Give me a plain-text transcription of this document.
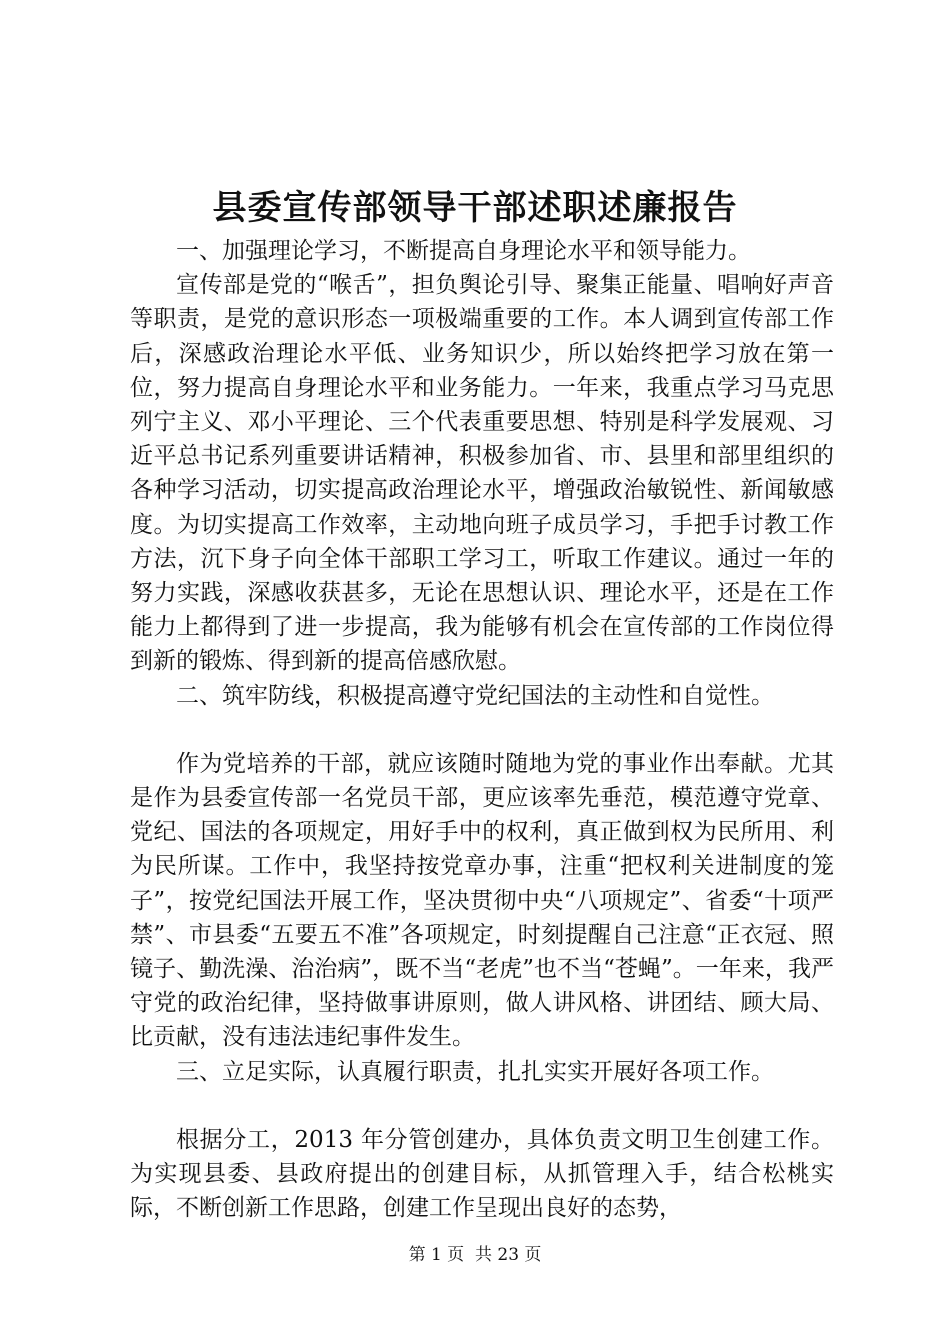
县委宣传部领导干部述职述廉报告

一、加强理论学习，不断提高自身理论水平和领导能力。

宣传部是党的“喉舌”，担负舆论引导、聚集正能量、唱响好声音等职责，是党的意识形态一项极端重要的工作。本人调到宣传部工作后，深感政治理论水平低、业务知识少，所以始终把学习放在第一位，努力提高自身理论水平和业务能力。一年来，我重点学习马克思列宁主义、邓小平理论、三个代表重要思想、特别是科学发展观、习近平总书记系列重要讲话精神，积极参加省、市、县里和部里组织的各种学习活动，切实提高政治理论水平，增强政治敏锐性、新闻敏感度。为切实提高工作效率，主动地向班子成员学习，手把手讨教工作方法，沉下身子向全体干部职工学习工，听取工作建议。通过一年的努力实践，深感收获甚多，无论在思想认识、理论水平，还是在工作能力上都得到了进一步提高，我为能够有机会在宣传部的工作岗位得到新的锻炼、得到新的提高倍感欣慰。

二、筑牢防线，积极提高遵守党纪国法的主动性和自觉性。

作为党培养的干部，就应该随时随地为党的事业作出奉献。尤其是作为县委宣传部一名党员干部，更应该率先垂范，模范遵守党章、党纪、国法的各项规定，用好手中的权利，真正做到权为民所用、利为民所谋。工作中，我坚持按党章办事，注重“把权利关进制度的笼子”，按党纪国法开展工作，坚决贯彻中央“八项规定”、省委“十项严禁”、市县委“五要五不准”各项规定，时刻提醒自己注意“正衣冠、照镜子、勤洗澡、治治病”，既不当“老虎”也不当“苍蝇”。一年来，我严守党的政治纪律，坚持做事讲原则，做人讲风格、讲团结、顾大局、比贡献，没有违法违纪事件发生。

三、立足实际，认真履行职责，扎扎实实开展好各项工作。

根据分工，2013 年分管创建办，具体负责文明卫生创建工作。为实现县委、县政府提出的创建目标，从抓管理入手，结合松桃实际，不断创新工作思路，创建工作呈现出良好的态势，

第 1 页  共 23 页
